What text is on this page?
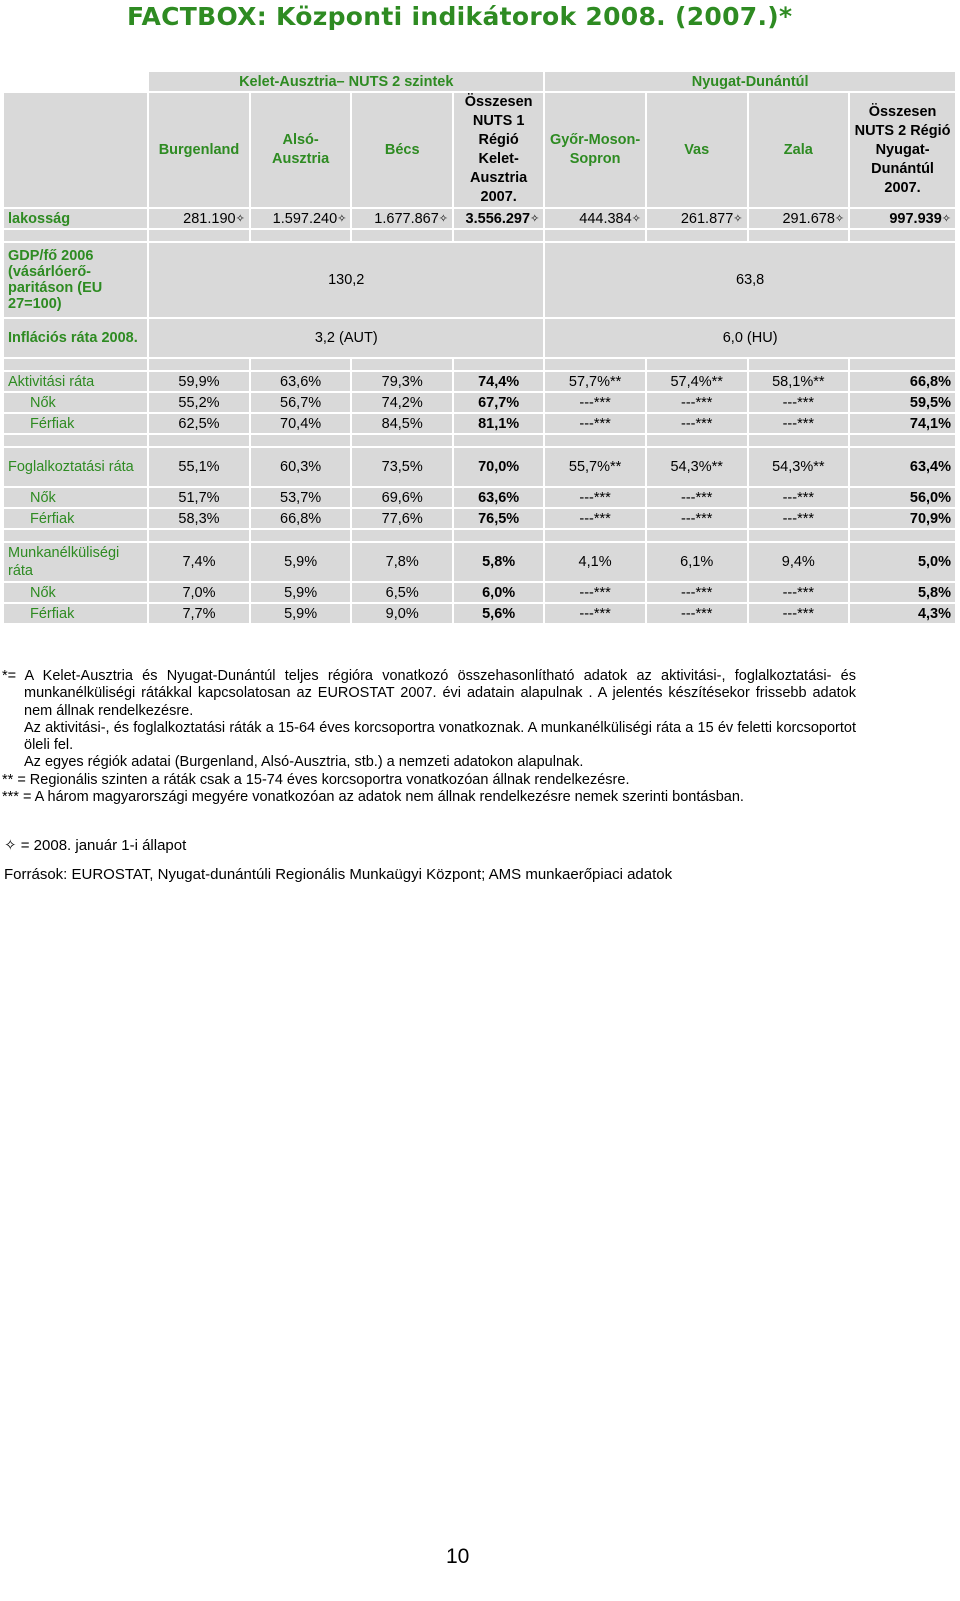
FACTBOX: Központi indikátorok 2008. (2007.)*
	Kelet-Ausztria– NUTS 2 szintek				Nyugat-Dunántúl			
	Burgenland	Alsó-Ausztria	Bécs	Összesen NUTS 1 Régió Kelet-Ausztria 2007.	Győr-Moson-Sopron	Vas	Zala	Összesen NUTS 2 Régió Nyugat-Dunántúl 2007.
lakosság	281.190✧	1.597.240✧	1.677.867✧	3.556.297✧	444.384✧	261.877✧	291.678✧	997.939✧

GDP/fő 2006 (vásárlóerő-paritáson (EU 27=100)	130,2				63,8			
Inflációs ráta 2008.	3,2 (AUT)				6,0 (HU)			

Aktivitási ráta	59,9%	63,6%	79,3%	74,4%	57,7%**	57,4%**	58,1%**	66,8%
Nők	55,2%	56,7%	74,2%	67,7%	---***	---***	---***	59,5%
Férfiak	62,5%	70,4%	84,5%	81,1%	---***	---***	---***	74,1%

Foglalkoztatási ráta	55,1%	60,3%	73,5%	70,0%	55,7%**	54,3%**	54,3%**	63,4%
Nők	51,7%	53,7%	69,6%	63,6%	---***	---***	---***	56,0%
Férfiak	58,3%	66,8%	77,6%	76,5%	---***	---***	---***	70,9%

Munkanélküliségi ráta	7,4%	5,9%	7,8%	5,8%	4,1%	6,1%	9,4%	5,0%
Nők	7,0%	5,9%	6,5%	6,0%	---***	---***	---***	5,8%
Férfiak	7,7%	5,9%	9,0%	5,6%	---***	---***	---***	4,3%

*= A Kelet-Ausztria és Nyugat-Dunántúl teljes régióra vonatkozó összehasonlítható adatok az aktivitási-, foglalkoztatási- és munkanélküliségi rátákkal kapcsolatosan az EUROSTAT 2007. évi adatain alapulnak . A jelentés készítésekor frissebb adatok nem állnak rendelkezésre.

Az aktivitási-, és foglalkoztatási ráták a 15-64 éves korcsoportra vonatkoznak. A munkanélküliségi ráta a 15 év feletti korcsoportot öleli fel.

Az egyes régiók adatai (Burgenland, Alsó-Ausztria, stb.) a nemzeti adatokon alapulnak.

** = Regionális szinten a ráták csak a 15-74 éves korcsoportra vonatkozóan állnak rendelkezésre.

*** = A három magyarországi megyére vonatkozóan az adatok nem állnak rendelkezésre nemek szerinti bontásban.

✧ = 2008. január 1-i állapot
Források: EUROSTAT, Nyugat-dunántúli Regionális Munkaügyi Központ; AMS munkaerőpiaci adatok
10
